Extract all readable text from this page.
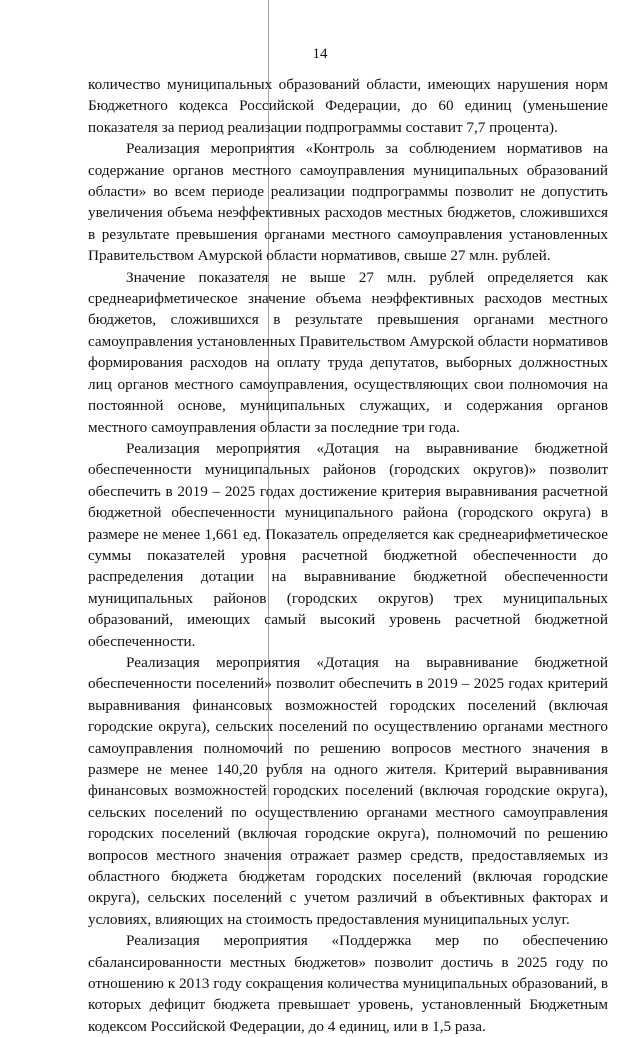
14

количество муниципальных образований области, имеющих нарушения норм Бюджетного кодекса Российской Федерации, до 60 единиц (уменьшение показателя за период реализации подпрограммы составит 7,7 процента).

Реализация мероприятия «Контроль за соблюдением нормативов на содержание органов местного самоуправления муниципальных образований области» во всем периоде реализации подпрограммы позволит не допустить увеличения объема неэффективных расходов местных бюджетов, сложившихся в результате превышения органами местного самоуправления установленных Правительством Амурской области нормативов, свыше 27 млн. рублей.

Значение показателя не выше 27 млн. рублей определяется как среднеарифметическое значение объема неэффективных расходов местных бюджетов, сложившихся в результате превышения органами местного самоуправления установленных Правительством Амурской области нормативов формирования расходов на оплату труда депутатов, выборных должностных лиц органов местного самоуправления, осуществляющих свои полномочия на постоянной основе, муниципальных служащих, и содержания органов местного самоуправления области за последние три года.

Реализация мероприятия «Дотация на выравнивание бюджетной обеспеченности муниципальных районов (городских округов)» позволит обеспечить в 2019 – 2025 годах достижение критерия выравнивания расчетной бюджетной обеспеченности муниципального района (городского округа) в размере не менее 1,661 ед. Показатель определяется как среднеарифметическое суммы показателей уровня расчетной бюджетной обеспеченности до распределения дотации на выравнивание бюджетной обеспеченности муниципальных районов (городских округов) трех муниципальных образований, имеющих самый высокий уровень расчетной бюджетной обеспеченности.

Реализация мероприятия «Дотация на выравнивание бюджетной обеспеченности поселений» позволит обеспечить в 2019 – 2025 годах критерий выравнивания финансовых возможностей городских поселений (включая городские округа), сельских поселений по осуществлению органами местного самоуправления полномочий по решению вопросов местного значения в размере не менее 140,20 рубля на одного жителя. Критерий выравнивания финансовых возможностей городских поселений (включая городские округа), сельских поселений по осуществлению органами местного самоуправления городских поселений (включая городские округа), полномочий по решению вопросов местного значения отражает размер средств, предоставляемых из областного бюджета бюджетам городских поселений (включая городские округа), сельских поселений с учетом различий в объективных факторах и условиях, влияющих на стоимость предоставления муниципальных услуг.

Реализация мероприятия «Поддержка мер по обеспечению сбалансированности местных бюджетов» позволит достичь в 2025 году по отношению к 2013 году сокращения количества муниципальных образований, в которых дефицит бюджета превышает уровень, установленный Бюджетным кодексом Российской Федерации, до 4 единиц, или в 1,5 раза.
